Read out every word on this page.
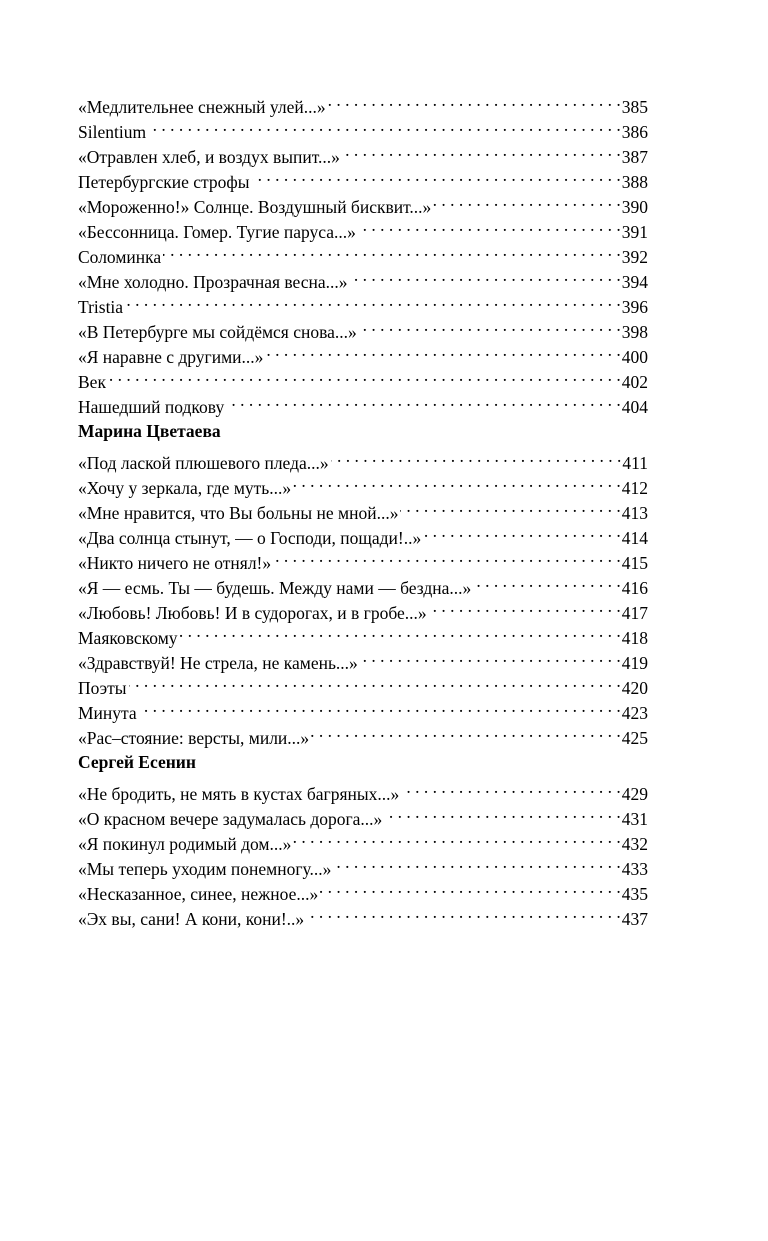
«Медлительнее снежный улей...» . . .	385
Silentium . . .	386
«Отравлен хлеб, и воздух выпит...» . . .	387
Петербургские строфы . . .	388
«Мороженно!» Солнце. Воздушный бисквит...» . . .	390
«Бессонница. Гомер. Тугие паруса...» . . .	391
Соломинка . . .	392
«Мне холодно. Прозрачная весна...» . . .	394
Tristia . . .	396
«В Петербурге мы сойдёмся снова...» . . .	398
«Я наравне с другими...» . . .	400
Век . . .	402
Нашедший подкову . . .	404
Марина Цветаева
«Под лаской плюшевого пледа...» . . .	411
«Хочу у зеркала, где муть...» . . .	412
«Мне нравится, что Вы больны не мной...» . . .	413
«Два солнца стынут, — о Господи, пощади!..» . . .	414
«Никто ничего не отнял!» . . .	415
«Я — есмь. Ты — будешь. Между нами — бездна...» . . .	416
«Любовь! Любовь! И в судорогах, и в гробе...» . . .	417
Маяковскому . . .	418
«Здравствуй! Не стрела, не камень...» . . .	419
Поэты . . .	420
Минута . . .	423
«Рас–стояние: версты, мили...» . . .	425
Сергей Есенин
«Не бродить, не мять в кустах багряных...» . . .	429
«О красном вечере задумалась дорога...» . . .	431
«Я покинул родимый дом...» . . .	432
«Мы теперь уходим понемногу...» . . .	433
«Несказанное, синее, нежное...» . . .	435
«Эх вы, сани! А кони, кони!..» . . .	437
